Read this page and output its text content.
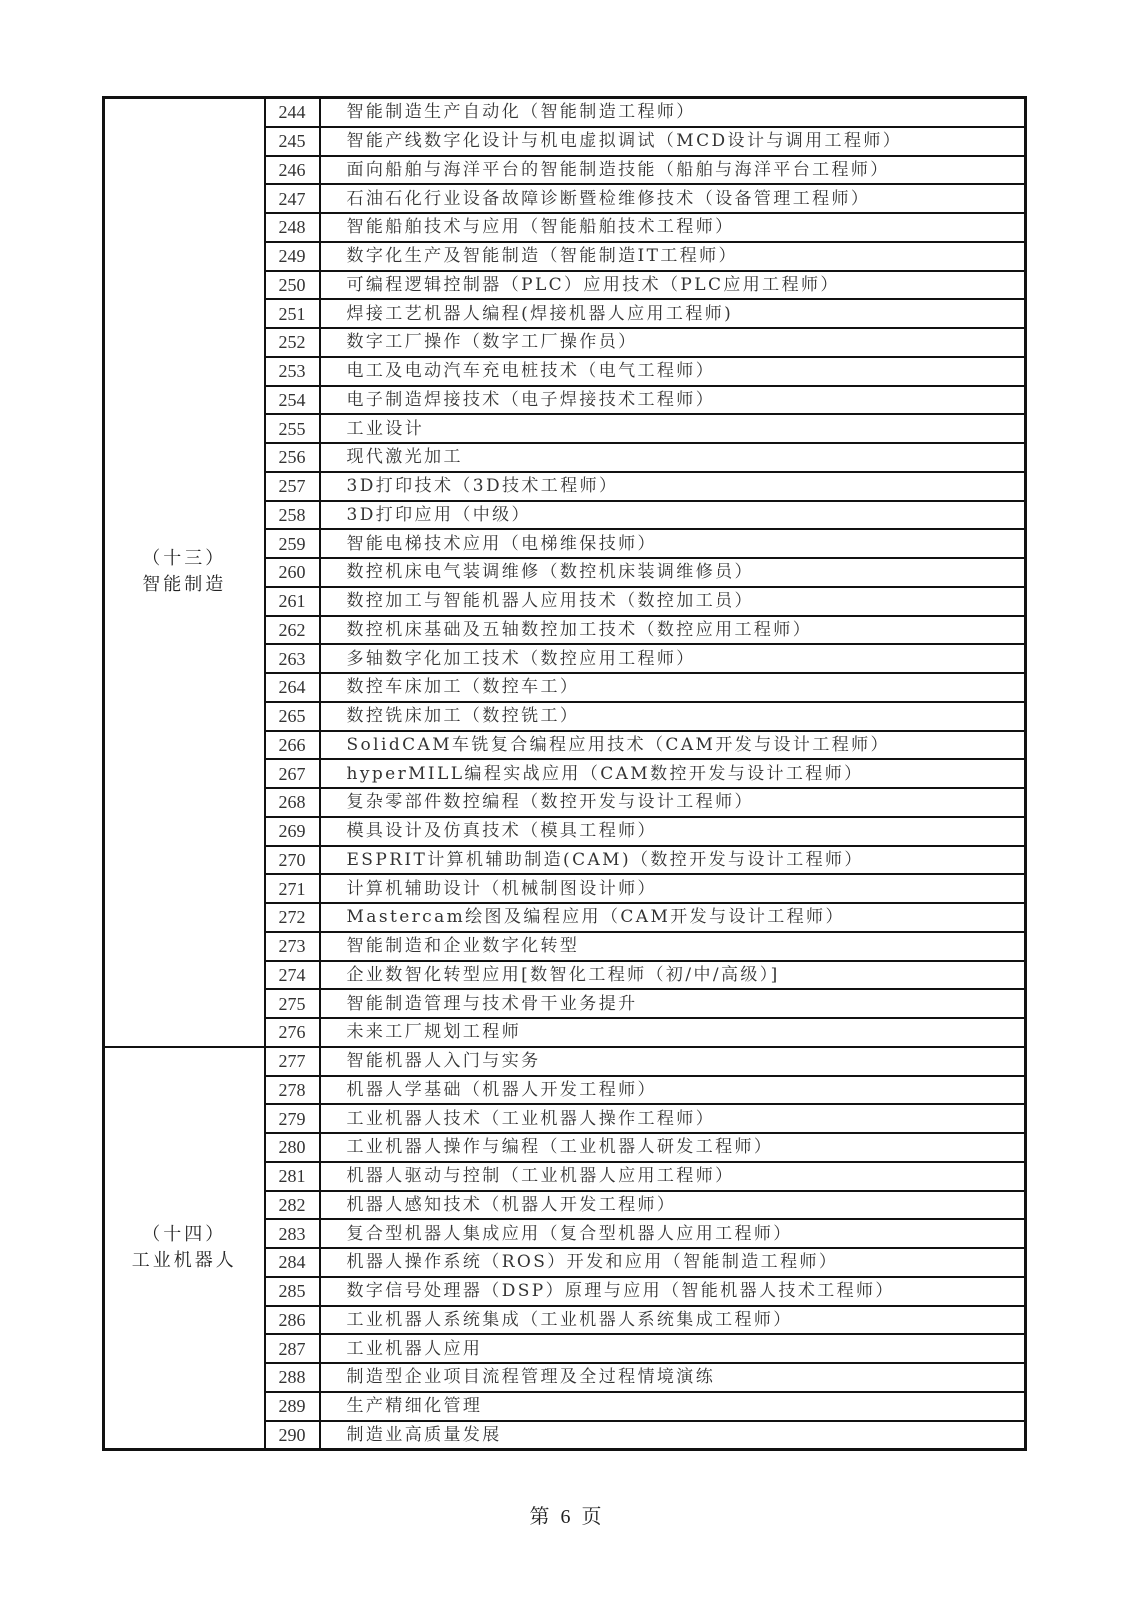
（十三）
智能制造	244	智能制造生产自动化（智能制造工程师）
	245	智能产线数字化设计与机电虚拟调试（MCD设计与调用工程师）
	246	面向船舶与海洋平台的智能制造技能（船舶与海洋平台工程师）
	247	石油石化行业设备故障诊断暨检维修技术（设备管理工程师）
	248	智能船舶技术与应用（智能船舶技术工程师）
	249	数字化生产及智能制造（智能制造IT工程师）
	250	可编程逻辑控制器（PLC）应用技术（PLC应用工程师）
	251	焊接工艺机器人编程(焊接机器人应用工程师)
	252	数字工厂操作（数字工厂操作员）
	253	电工及电动汽车充电桩技术（电气工程师）
	254	电子制造焊接技术（电子焊接技术工程师）
	255	工业设计
	256	现代激光加工
	257	3D打印技术（3D技术工程师）
	258	3D打印应用（中级）
	259	智能电梯技术应用（电梯维保技师）
	260	数控机床电气装调维修（数控机床装调维修员）
	261	数控加工与智能机器人应用技术（数控加工员）
	262	数控机床基础及五轴数控加工技术（数控应用工程师）
	263	多轴数字化加工技术（数控应用工程师）
	264	数控车床加工（数控车工）
	265	数控铣床加工（数控铣工）
	266	SolidCAM车铣复合编程应用技术（CAM开发与设计工程师）
	267	hyperMILL编程实战应用（CAM数控开发与设计工程师）
	268	复杂零部件数控编程（数控开发与设计工程师）
	269	模具设计及仿真技术（模具工程师）
	270	ESPRIT计算机辅助制造(CAM)（数控开发与设计工程师）
	271	计算机辅助设计（机械制图设计师）
	272	Mastercam绘图及编程应用（CAM开发与设计工程师）
	273	智能制造和企业数字化转型
	274	企业数智化转型应用[数智化工程师（初/中/高级）]
	275	智能制造管理与技术骨干业务提升
	276	未来工厂规划工程师

（十四）
工业机器人	277	智能机器人入门与实务
	278	机器人学基础（机器人开发工程师）
	279	工业机器人技术（工业机器人操作工程师）
	280	工业机器人操作与编程（工业机器人研发工程师）
	281	机器人驱动与控制（工业机器人应用工程师）
	282	机器人感知技术（机器人开发工程师）
	283	复合型机器人集成应用（复合型机器人应用工程师）
	284	机器人操作系统（ROS）开发和应用（智能制造工程师）
	285	数字信号处理器（DSP）原理与应用（智能机器人技术工程师）
	286	工业机器人系统集成（工业机器人系统集成工程师）
	287	工业机器人应用
	288	制造型企业项目流程管理及全过程情境演练
	289	生产精细化管理
	290	制造业高质量发展
第 6 页
